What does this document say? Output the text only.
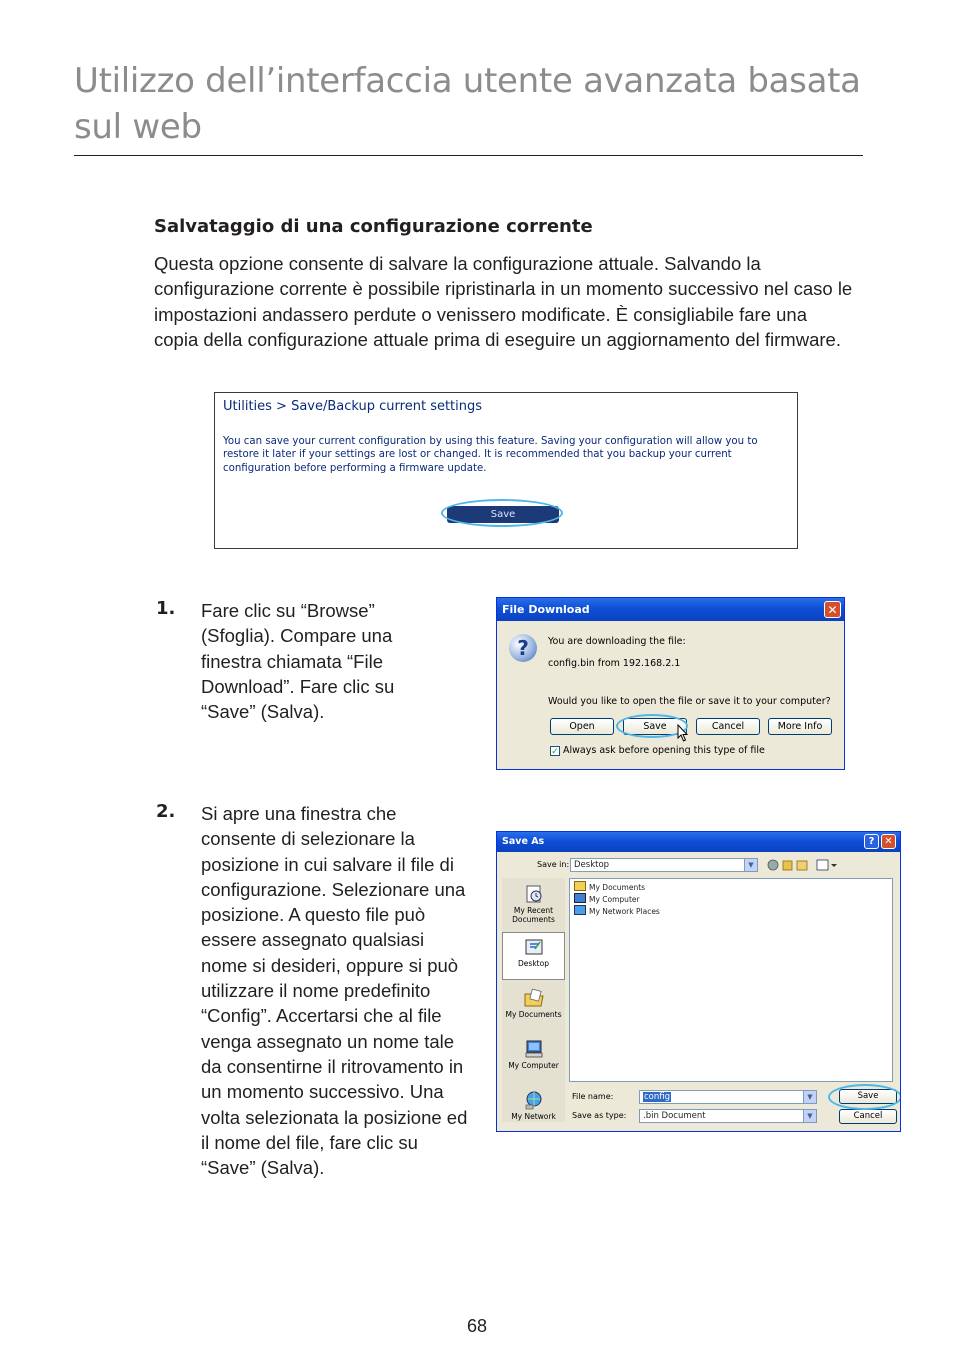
Utilizzo dell’interfaccia utente avanzata basata sul web
Salvataggio di una configurazione corrente

Questa opzione consente di salvare la configurazione attuale. Salvando la configurazione corrente è possibile ripristinarla in un momento successivo nel caso le impostazioni andassero perdute o venissero modificate. È consigliabile fare una copia della configurazione attuale prima di eseguire un aggiornamento del firmware.

Utilities > Save/Backup current settings
You can save your current configuration by using this feature. Saving your configuration will allow you to restore it later if your settings are lost or changed. It is recommended that you backup your current configuration before performing a firmware update.
Save
1. Fare clic su “Browse” (Sfoglia). Compare una finestra chiamata “File Download”. Fare clic su “Save” (Salva).

File Download	✕
?	You are downloading the file:
config.bin from 192.168.2.1
Would you like to open the file or save it to your computer?
Open	Save	Cancel	More Info
✓ Always ask before opening this type of file
2. Si apre una finestra che consente di selezionare la posizione in cui salvare il file di configurazione. Selezionare una posizione. A questo file può essere assegnato qualsiasi nome si desideri, oppure si può utilizzare il nome predefinito “Config”. Accertarsi che al file venga assegnato un nome tale da consentirne il ritrovamento in un momento successivo. Una volta selezionata la posizione ed il nome del file, fare clic su “Save” (Salva).

Save As	? ✕
Save in: Desktop	▼
My Recent Documents
Desktop
My Documents
My Computer
My Network
My Documents
My Computer
My Network Places
File name:	config	▼
Save as type:	.bin Document	▼
Save
Cancel
68
